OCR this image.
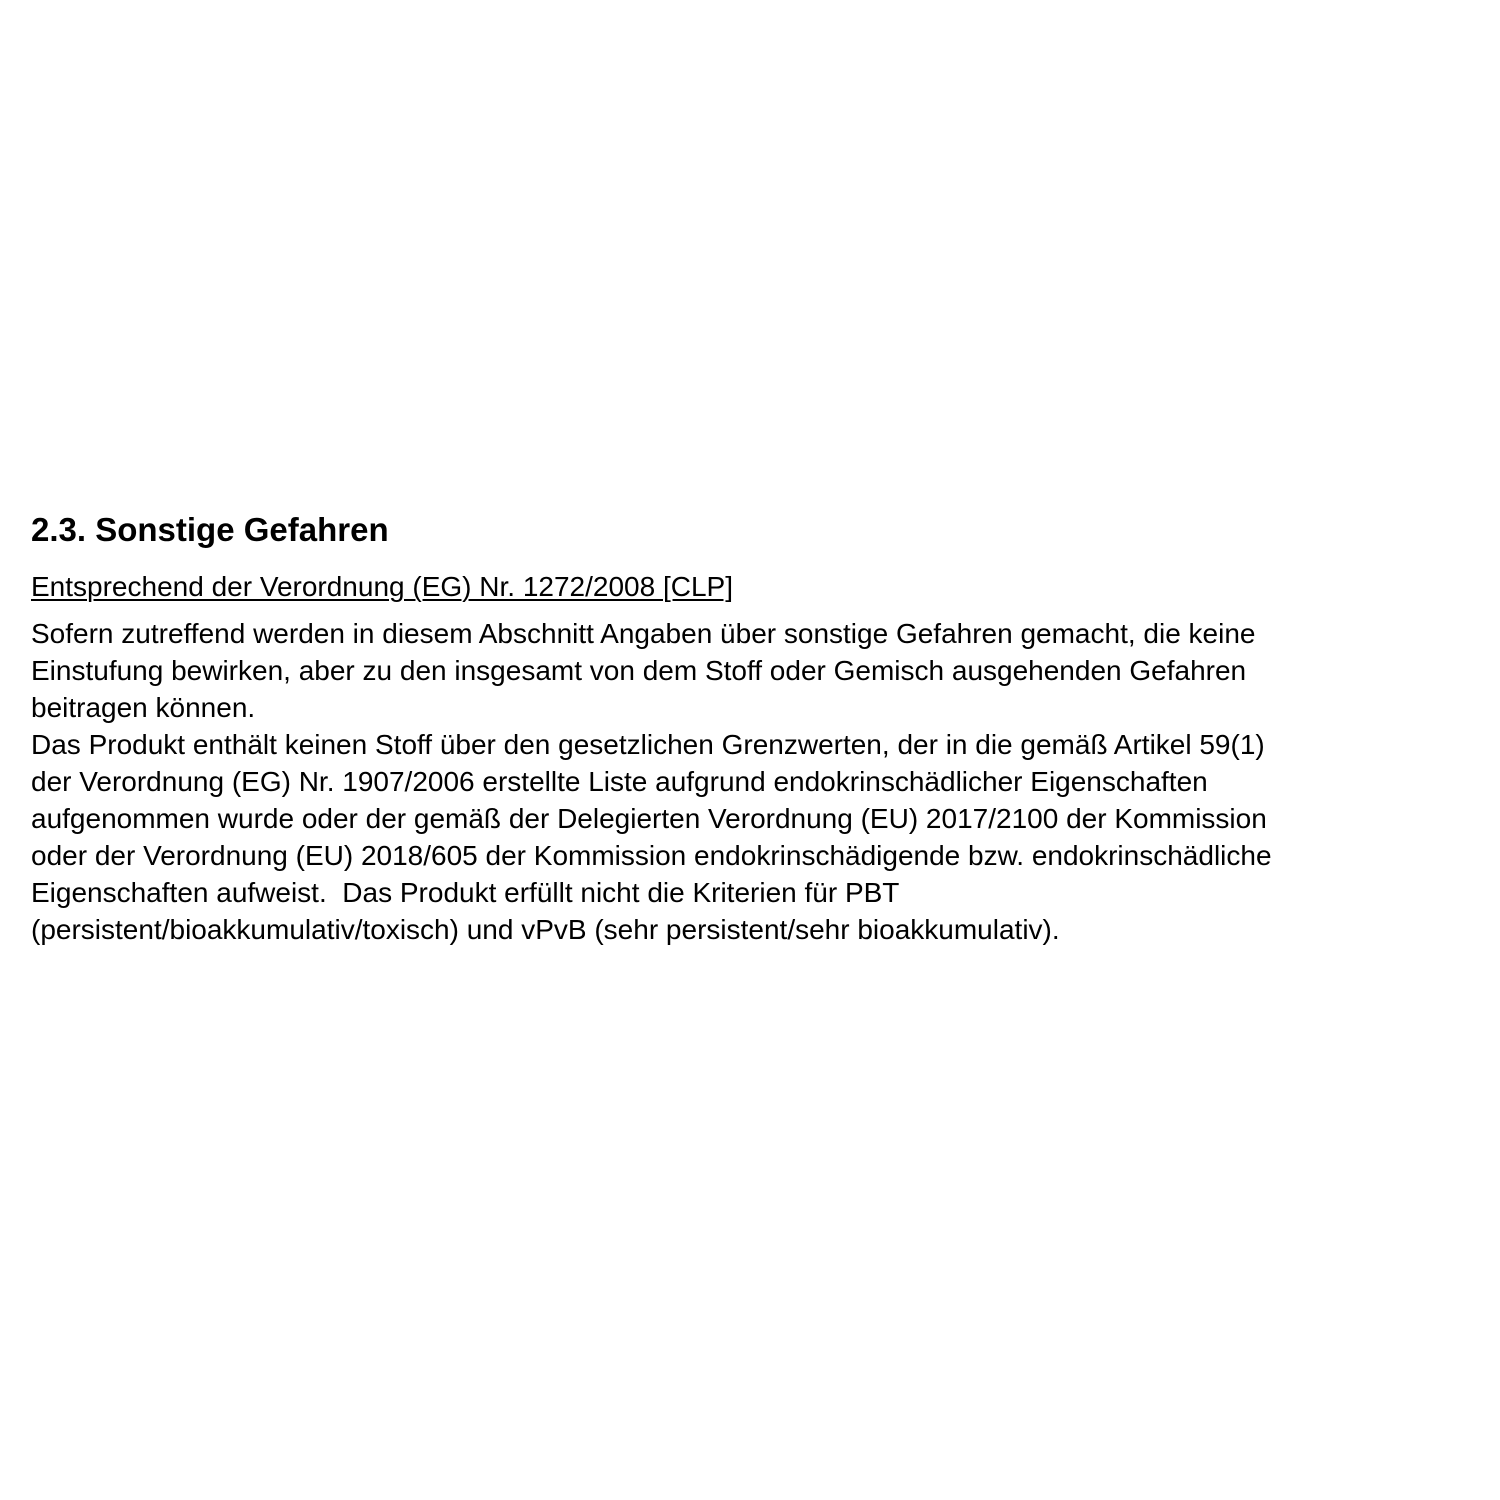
2.3. Sonstige Gefahren
Entsprechend der Verordnung (EG) Nr. 1272/2008 [CLP]
Sofern zutreffend werden in diesem Abschnitt Angaben über sonstige Gefahren gemacht, die keine
Einstufung bewirken, aber zu den insgesamt von dem Stoff oder Gemisch ausgehenden Gefahren
beitragen können.
Das Produkt enthält keinen Stoff über den gesetzlichen Grenzwerten, der in die gemäß Artikel 59(1)
der Verordnung (EG) Nr. 1907/2006 erstellte Liste aufgrund endokrinschädlicher Eigenschaften
aufgenommen wurde oder der gemäß der Delegierten Verordnung (EU) 2017/2100 der Kommission
oder der Verordnung (EU) 2018/605 der Kommission endokrinschädigende bzw. endokrinschädliche
Eigenschaften aufweist.  Das Produkt erfüllt nicht die Kriterien für PBT
(persistent/bioakkumulativ/toxisch) und vPvB (sehr persistent/sehr bioakkumulativ).
